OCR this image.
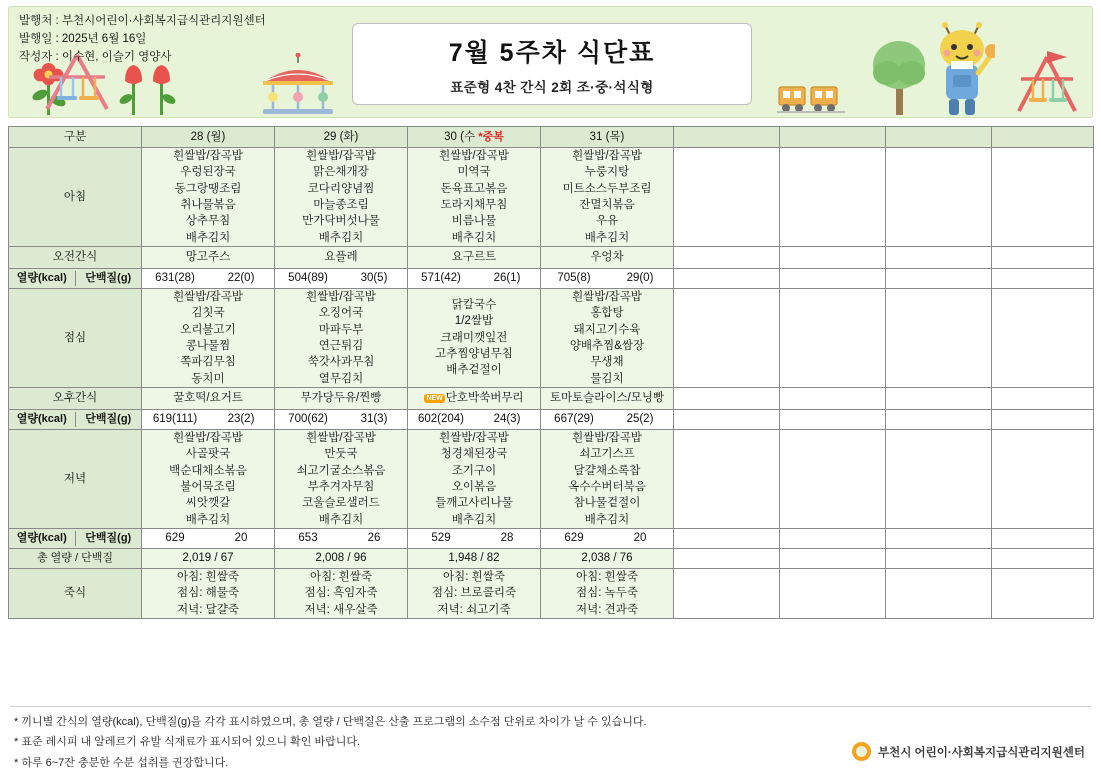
발행처 : 부천시어린이·사회복지급식관리지원센터
발행일 : 2025년 6월 16일
작성자 : 이수현, 이슬기 영양사	7월 5주차 식단표
표준형 4찬 간식 2회 조·중·석식형
구분	28 (월)	29 (화)	30 (수 *중복	31 (목)				
아침	흰쌀밥/잡곡밥
우렁된장국
동그랑땡조림
취나물볶음
상추무침
배추김치	흰쌀밥/잡곡밥
맑은채개장
코다리양념찜
마늘종조림
만가닥버섯나물
배추김치	흰쌀밥/잡곡밥
미역국
돈육표고볶음
도라지채무침
비름나물
배추김치	흰쌀밥/잡곡밥
누룽지탕
미트소스두부조림
잔멸치볶음
우유
배추김치				
오전간식	망고주스	요플레	요구르트	우엉차				

열량(kcal) 단백질(g)	631(28) 22(0)	504(89) 30(5)	571(42) 26(1)	705(8) 29(0)				

점심	흰쌀밥/잡곡밥
김칫국
오리불고기
콩나물찜
쪽파김무침
동치미	흰쌀밥/잡곡밥
오징어국
마파두부
연근튀김
쑥갓사과무침
열무김치	닭칼국수
1/2쌀밥
크래미깻잎전
고추찜양념무침
배추겉절이	흰쌀밥/잡곡밥
홍합탕
돼지고기수육
양배추찜&쌈장
무생채
물김치				
오후간식	꿀호떡/요거트	무가당두유/찐빵	NEW 단호박쑥버무리	토마토슬라이스/모닝빵				

열량(kcal) 단백질(g)	619(111) 23(2)	700(62) 31(3)	602(204) 24(3)	667(29) 25(2)				

저녁	흰쌀밥/잡곡밥
사골팟국
백순대채소볶음
불어묵조림
씨앗깻갈
배추김치	흰쌀밥/잡곡밥
만둣국
쇠고기굴소스볶음
부추겨자무침
코울슬로샐러드
배추김치	흰쌀밥/잡곡밥
청경채된장국
조기구이
오이볶음
들깨고사리나물
배추김치	흰쌀밥/잡곡밥
쇠고기스프
달걀채소록찹
옥수수버터북음
참나물겉절이
배추김치				

열량(kcal) 단백질(g)	629 20	653 26	529 28	629 20				

총 열량 / 단백질	2,019 / 67	2,008 / 96	1,948 / 82	2,038 / 76				
죽식	아침: 흰쌀죽
점심: 해물죽
저녁: 달걀죽	아침: 흰쌀죽
점심: 흑임자죽
저녁: 새우살죽	아침: 흰쌀죽
점심: 브로콜리죽
저녁: 쇠고기죽	아침: 흰쌀죽
점심: 녹두죽
저녁: 견과죽				
* 끼니별 간식의 열량(kcal), 단백질(g)을 각각 표시하였으며, 총 열량 / 단백질은 산출 프로그램의 소수점 단위로 차이가 날 수 있습니다.
* 표준 레시피 내 알레르기 유발 식재료가 표시되어 있으니 확인 바랍니다.
* 하루 6~7잔 충분한 수분 섭취를 권장합니다.
부천시 어린이·사회복지급식관리지원센터
